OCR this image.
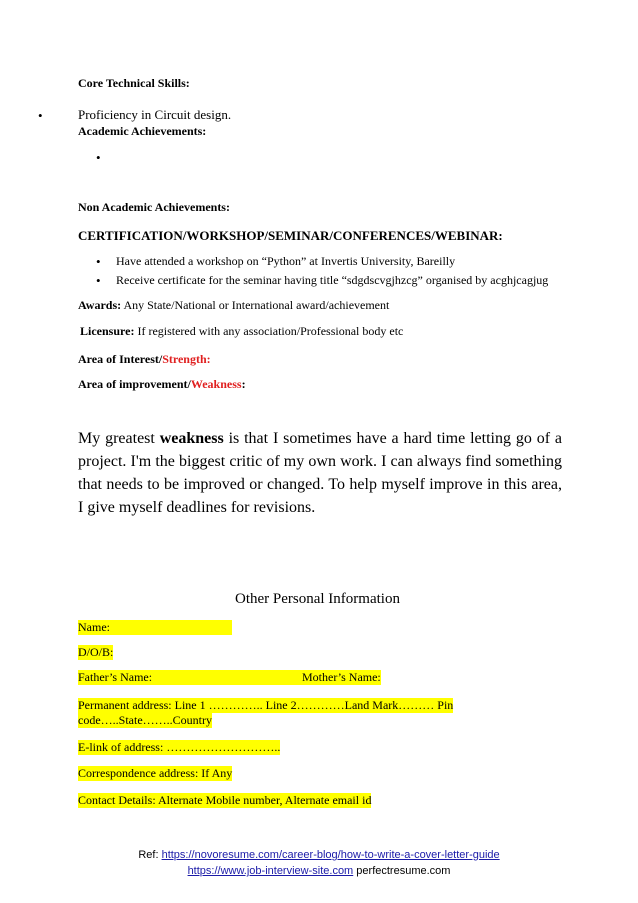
Core Technical Skills:
•	Proficiency in Circuit design.
Academic Achievements:
•
Non Academic Achievements:
CERTIFICATION/WORKSHOP/SEMINAR/CONFERENCES/WEBINAR:
• Have attended a workshop on “Python” at Invertis University, Bareilly
• Receive certificate for the seminar having title “sdgdscvgjhzcg” organised by acghjcagjug
Awards: Any State/National or International award/achievement
Licensure: If registered with any association/Professional body etc
Area of Interest/Strength:
Area of improvement/Weakness:
My greatest weakness is that I sometimes have a hard time letting go of a project. I'm the biggest critic of my own work. I can always find something that needs to be improved or changed. To help myself improve in this area, I give myself deadlines for revisions.
Other Personal Information
Name:
D/O/B:
Father’s Name:	Mother’s Name:
Permanent address: Line 1 ………….. Line 2…………Land Mark……… Pin
code…..State……..Country
E-link of address: ………………………..
Correspondence address: If Any
Contact Details: Alternate Mobile number, Alternate email id
Ref: https://novoresume.com/career-blog/how-to-write-a-cover-letter-guide
https://www.job-interview-site.com perfectresume.com
